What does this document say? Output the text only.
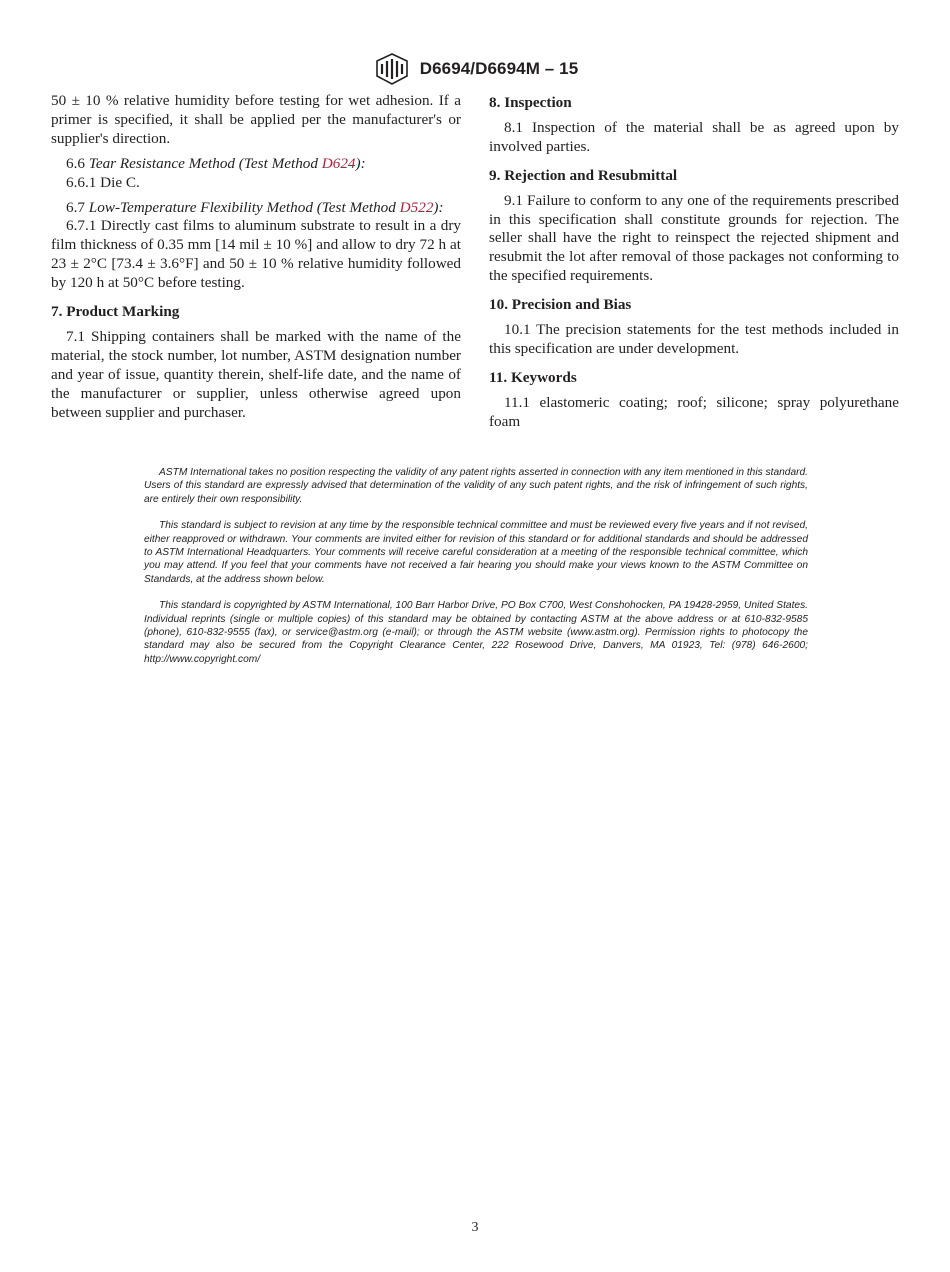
D6694/D6694M – 15

50 ± 10 % relative humidity before testing for wet adhesion. If a primer is specified, it shall be applied per the manufacturer's or supplier's direction.

6.6 Tear Resistance Method (Test Method D624):

6.6.1 Die C.

6.7 Low-Temperature Flexibility Method (Test Method D522):

6.7.1 Directly cast films to aluminum substrate to result in a dry film thickness of 0.35 mm [14 mil ± 10 %] and allow to dry 72 h at 23 ± 2°C [73.4 ± 3.6°F] and 50 ± 10 % relative humidity followed by 120 h at 50°C before testing.

7. Product Marking

7.1 Shipping containers shall be marked with the name of the material, the stock number, lot number, ASTM designation number and year of issue, quantity therein, shelf-life date, and the name of the manufacturer or supplier, unless otherwise agreed upon between supplier and purchaser.

8. Inspection

8.1 Inspection of the material shall be as agreed upon by involved parties.

9. Rejection and Resubmittal

9.1 Failure to conform to any one of the requirements prescribed in this specification shall constitute grounds for rejection. The seller shall have the right to reinspect the rejected shipment and resubmit the lot after removal of those packages not conforming to the specified requirements.

10. Precision and Bias

10.1 The precision statements for the test methods included in this specification are under development.

11. Keywords

11.1 elastomeric coating; roof; silicone; spray polyurethane foam

ASTM International takes no position respecting the validity of any patent rights asserted in connection with any item mentioned in this standard. Users of this standard are expressly advised that determination of the validity of any such patent rights, and the risk of infringement of such rights, are entirely their own responsibility.

This standard is subject to revision at any time by the responsible technical committee and must be reviewed every five years and if not revised, either reapproved or withdrawn. Your comments are invited either for revision of this standard or for additional standards and should be addressed to ASTM International Headquarters. Your comments will receive careful consideration at a meeting of the responsible technical committee, which you may attend. If you feel that your comments have not received a fair hearing you should make your views known to the ASTM Committee on Standards, at the address shown below.

This standard is copyrighted by ASTM International, 100 Barr Harbor Drive, PO Box C700, West Conshohocken, PA 19428-2959, United States. Individual reprints (single or multiple copies) of this standard may be obtained by contacting ASTM at the above address or at 610-832-9585 (phone), 610-832-9555 (fax), or service@astm.org (e-mail); or through the ASTM website (www.astm.org). Permission rights to photocopy the standard may also be secured from the Copyright Clearance Center, 222 Rosewood Drive, Danvers, MA 01923, Tel: (978) 646-2600; http://www.copyright.com/

3
